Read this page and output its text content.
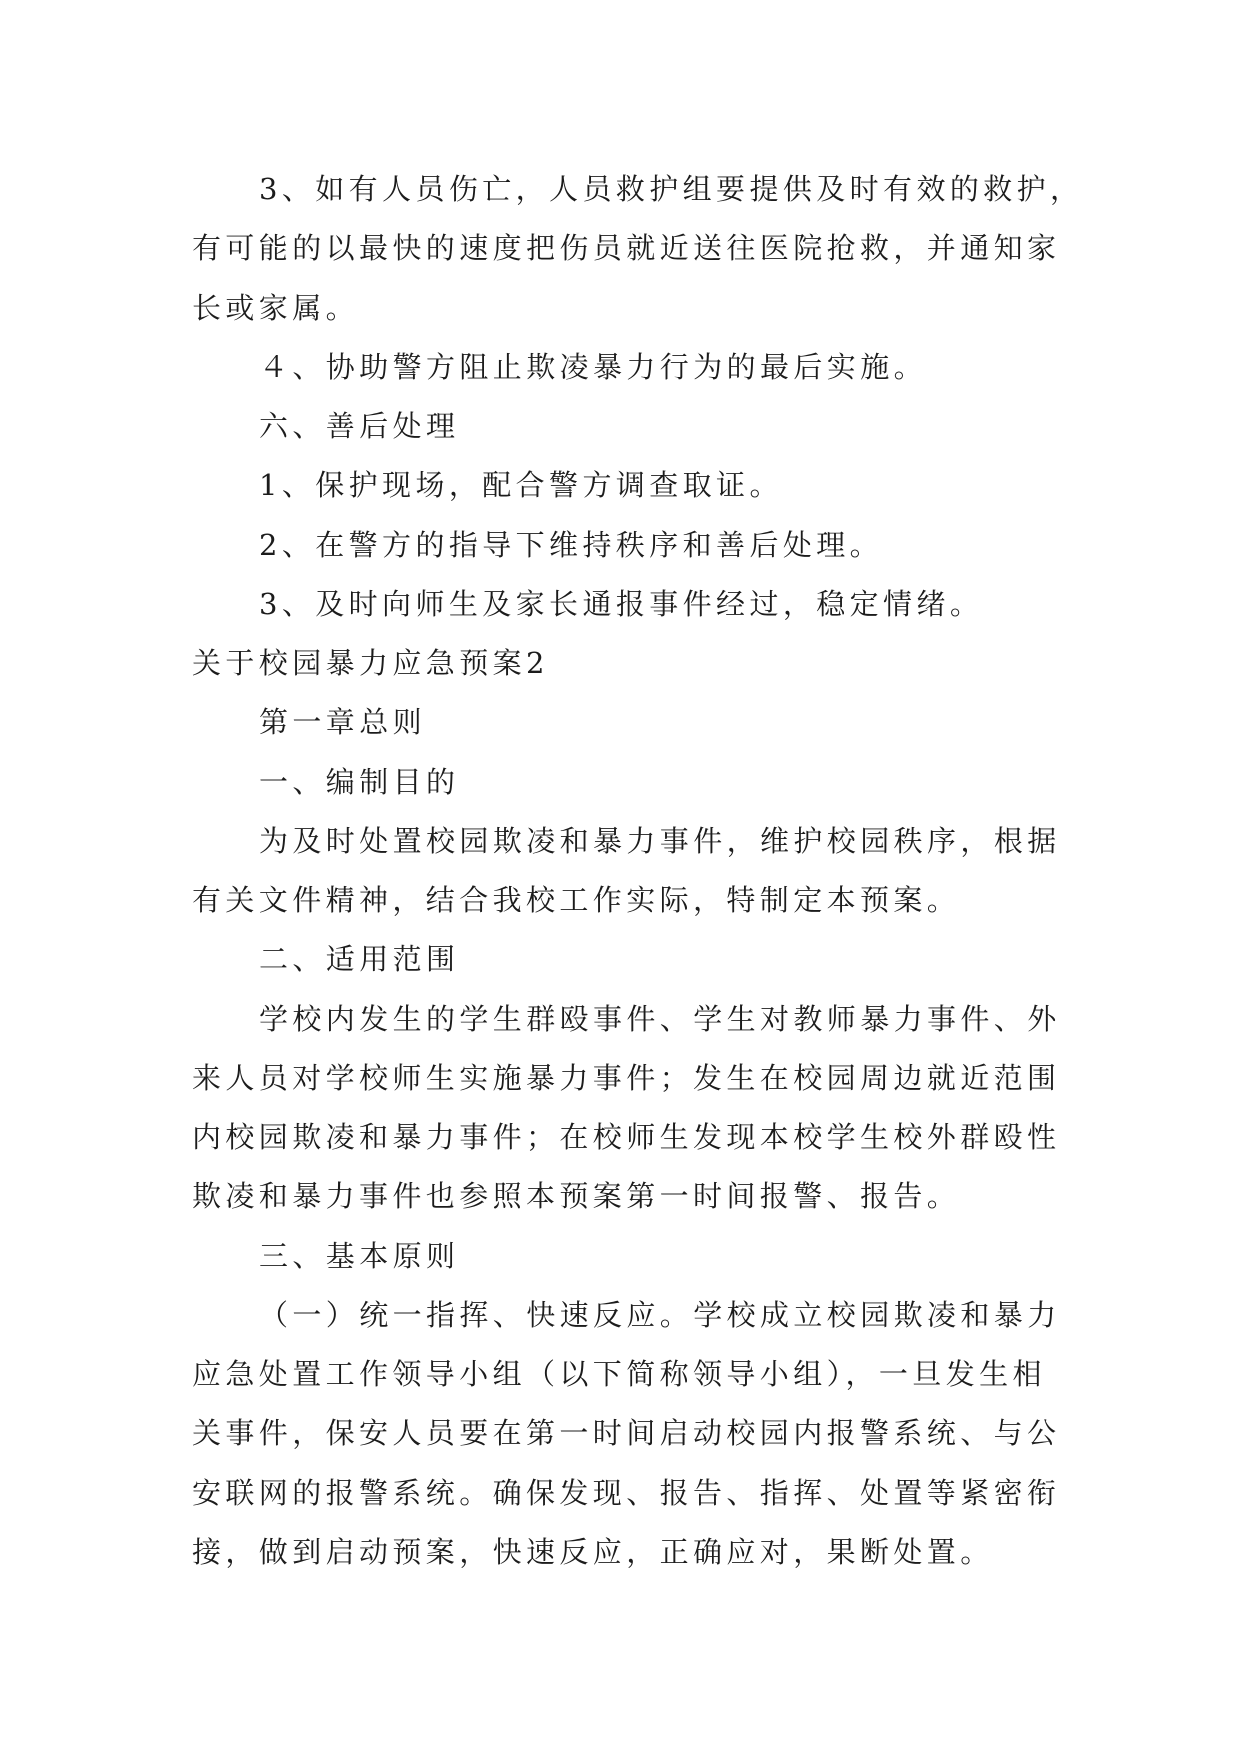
3、如有人员伤亡，人员救护组要提供及时有效的救护，
有可能的以最快的速度把伤员就近送往医院抢救，并通知家
长或家属。
４、协助警方阻止欺凌暴力行为的最后实施。
六、善后处理
1、保护现场，配合警方调查取证。
2、在警方的指导下维持秩序和善后处理。
3、及时向师生及家长通报事件经过，稳定情绪。
关于校园暴力应急预案2
第一章总则
一、编制目的
为及时处置校园欺凌和暴力事件，维护校园秩序，根据
有关文件精神，结合我校工作实际，特制定本预案。
二、适用范围
学校内发生的学生群殴事件、学生对教师暴力事件、外
来人员对学校师生实施暴力事件；发生在校园周边就近范围
内校园欺凌和暴力事件；在校师生发现本校学生校外群殴性
欺凌和暴力事件也参照本预案第一时间报警、报告。
三、基本原则
（一）统一指挥、快速反应。学校成立校园欺凌和暴力
应急处置工作领导小组（以下简称领导小组），一旦发生相
关事件，保安人员要在第一时间启动校园内报警系统、与公
安联网的报警系统。确保发现、报告、指挥、处置等紧密衔
接，做到启动预案，快速反应，正确应对，果断处置。
